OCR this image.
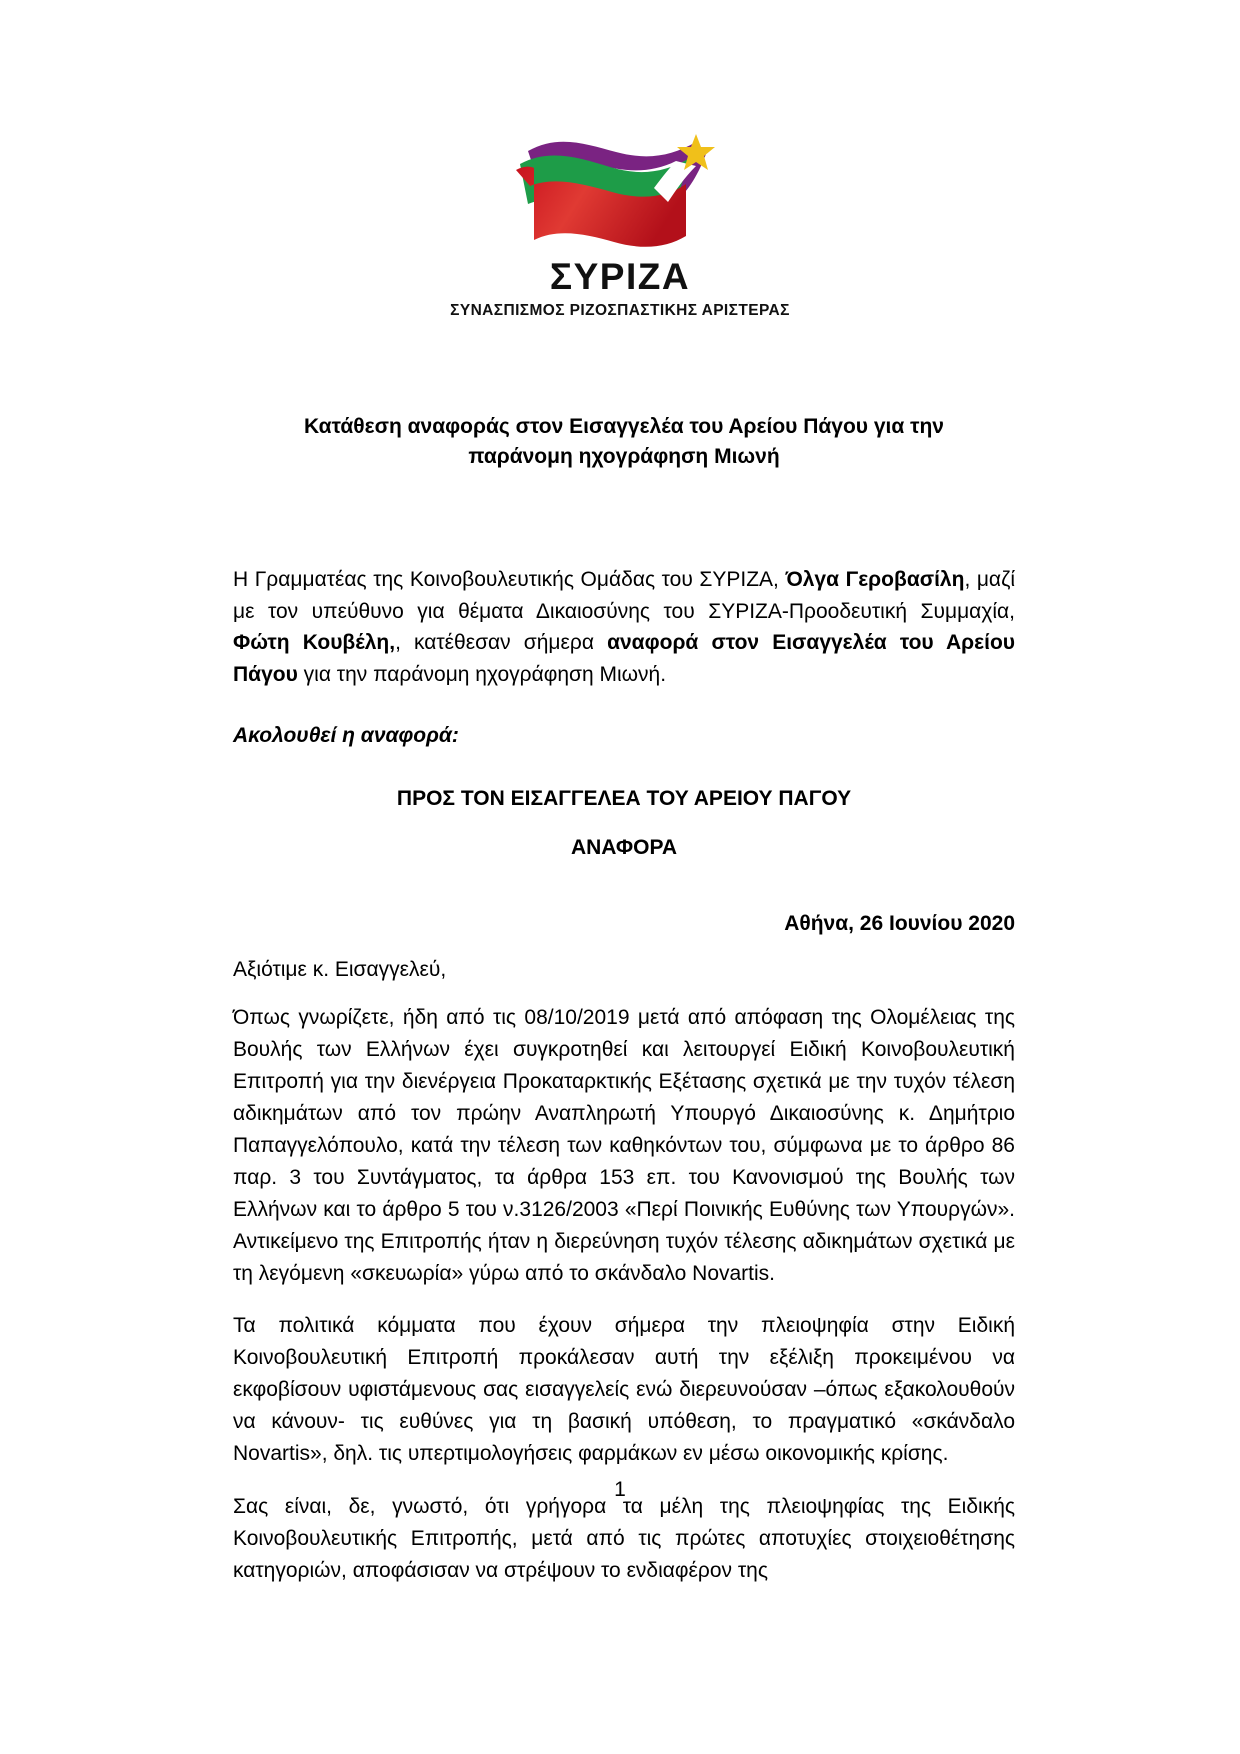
ΣΥΡΙΖΑ
ΣΥΝΑΣΠΙΣΜΟΣ ΡΙΖΟΣΠΑΣΤΙΚΗΣ ΑΡΙΣΤΕΡΑΣ
Κατάθεση αναφοράς στον Εισαγγελέα του Αρείου Πάγου για την παράνομη ηχογράφηση Μιωνή

Η Γραμματέας της Κοινοβουλευτικής Ομάδας του ΣΥΡΙΖΑ, Όλγα Γεροβασίλη, μαζί με τον υπεύθυνο για θέματα Δικαιοσύνης του ΣΥΡΙΖΑ-Προοδευτική Συμμαχία, Φώτη Κουβέλη,, κατέθεσαν σήμερα αναφορά στον Εισαγγελέα του Αρείου Πάγου για την παράνομη ηχογράφηση Μιωνή.

Ακολουθεί η αναφορά:
ΠΡΟΣ ΤΟΝ ΕΙΣΑΓΓΕΛΕΑ ΤΟΥ ΑΡΕΙΟΥ ΠΑΓΟΥ
ΑΝΑΦΟΡΑ
Αθήνα, 26 Ιουνίου 2020
Αξιότιμε κ. Εισαγγελεύ,

Όπως γνωρίζετε, ήδη από τις 08/10/2019 μετά από απόφαση της Ολομέλειας της Βουλής των Ελλήνων έχει συγκροτηθεί και λειτουργεί Ειδική Κοινοβουλευτική Επιτροπή για την διενέργεια Προκαταρκτικής Εξέτασης σχετικά με την τυχόν τέλεση αδικημάτων από τον πρώην Αναπληρωτή Υπουργό Δικαιοσύνης κ. Δημήτριο Παπαγγελόπουλο, κατά την τέλεση των καθηκόντων του, σύμφωνα με το άρθρο 86 παρ. 3 του Συντάγματος, τα άρθρα 153 επ. του Κανονισμού της Βουλής των Ελλήνων και το άρθρο 5 του ν.3126/2003 «Περί Ποινικής Ευθύνης των Υπουργών». Αντικείμενο της Επιτροπής ήταν η διερεύνηση τυχόν τέλεσης αδικημάτων σχετικά με τη λεγόμενη «σκευωρία» γύρω από το σκάνδαλο Novartis.

Τα πολιτικά κόμματα που έχουν σήμερα την πλειοψηφία στην Ειδική Κοινοβουλευτική Επιτροπή προκάλεσαν αυτή την εξέλιξη προκειμένου να εκφοβίσουν υφιστάμενους σας εισαγγελείς ενώ διερευνούσαν –όπως εξακολουθούν να κάνουν- τις ευθύνες για τη βασική υπόθεση, το πραγματικό «σκάνδαλο Novartis», δηλ. τις υπερτιμολογήσεις φαρμάκων εν μέσω οικονομικής κρίσης.

Σας είναι, δε, γνωστό, ότι γρήγορα τα μέλη της πλειοψηφίας της Ειδικής Κοινοβουλευτικής Επιτροπής, μετά από τις πρώτες αποτυχίες στοιχειοθέτησης κατηγοριών, αποφάσισαν να στρέψουν το ενδιαφέρον της

1
